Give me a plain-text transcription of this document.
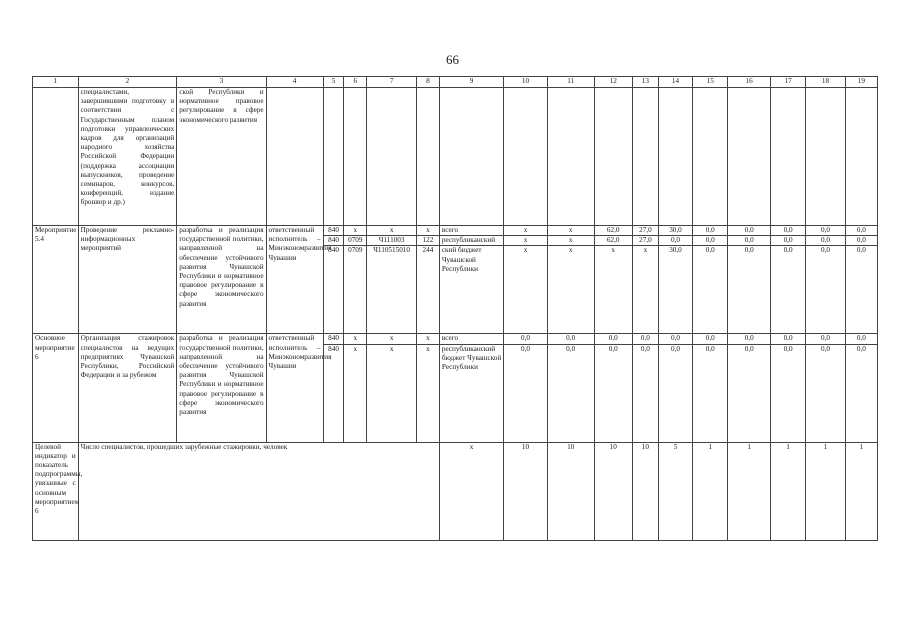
66
1	2	3	4	5	6	7	8	9	10	11	12	13	14	15	16	17	18	19
	специалистами, завершившими подготовку в соответствии с Государственным планом подготовки управленческих кадров для организаций народного хозяйства Российской Федерации (поддержка ассоциации выпускников, проведение семинаров, конкурсов, конференций, издание брошюр и др.)	ской Республики и нормативное правовое регулирование в сфере экономического развития																
Мероприятие 5.4	Проведение рекламно-информационных мероприятий	разработка и реализация государственной политики, направленной на обеспечение устойчивого развития Чувашской Республики и нормативное правовое регулирование в сфере экономического развития	ответственный исполнитель – Минэкономразвития Чувашии	840	x	x	x	всего	x	x	62,0	27,0	30,0	0,0	0,0	0,0	0,0	0,0
				840	0709	Ч111003	122	республиканский	x	x	62,0	27,0	0,0	0,0	0,0	0,0	0,0	0,0
				840	0709	Ч110515010	244	ский бюджет Чувашской Республики	x	x	x	x	30,0	0,0	0,0	0,0	0,0	0,0
Основное мероприятие 6	Организация стажировок специалистов на ведущих предприятиях Чувашской Республики, Российской Федерации и за рубежом	разработка и реализация государственной политики, направленной на обеспечение устойчивого развития Чувашской Республики и нормативное правовое регулирование в сфере экономического развития	ответственный исполнитель – Минэкономразвития Чувашии	840	x	x	x	всего	0,0	0,0	0,0	0,0	0,0	0,0	0,0	0,0	0,0	0,0
				840	x	x	x	республиканский бюджет Чувашской Республики	0,0	0,0	0,0	0,0	0,0	0,0	0,0	0,0	0,0	0,0
Целевой индикатор и показатель подпрограммы, увязанные с основным мероприятием 6	Число специалистов, прошедших зарубежные стажировки, человек							x	10	10	10	10	5	1	1	1	1	1
